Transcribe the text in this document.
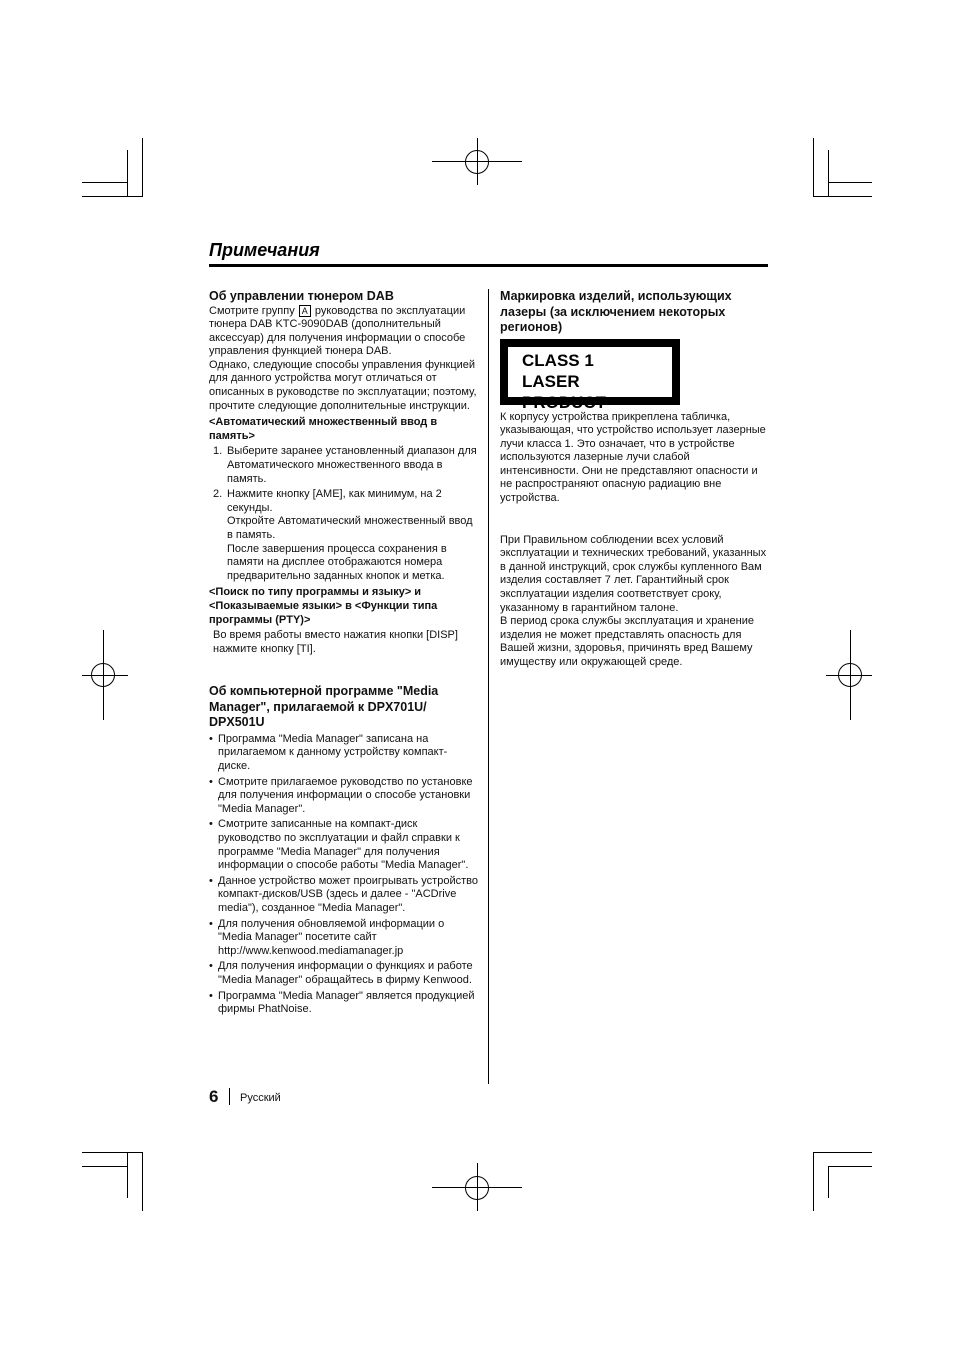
Примечания
Об управлении тюнером DAB

Смотрите группу A руководства по эксплуатации тюнера DAB KTC-9090DAB (дополнительный аксессуар) для получения информации о способе управления функцией тюнера DAB.

Однако, следующие способы управления функцией для данного устройства могут отличаться от описанных в руководстве по эксплуатации; поэтому, прочтите следующие дополнительные инструкции.

<Автоматический множественный ввод в память>
1. Выберите заранее установленный диапазон для Автоматического множественного ввода в память.
2. Нажмите кнопку [AME], как минимум, на 2 секунды.
Откройте Автоматический множественный ввод в память.
После завершения процесса сохранения в памяти на дисплее отображаются номера предварительно заданных кнопок и метка.
<Поиск по типу программы и языку> и <Показываемые языки> в <Функции типа программы (PTY)>

Во время работы вместо нажатия кнопки [DISP] нажмите кнопку [TI].

Об компьютерной программе "Media Manager", прилагаемой к DPX701U/ DPX501U
• Программа "Media Manager" записана на прилагаемом к данному устройству компакт-диске.
• Смотрите прилагаемое руководство по установке для получения информации о способе установки "Media Manager".
• Смотрите записанные на компакт-диск руководство по эксплуатации и файл справки к программе "Media Manager" для получения информации о способе работы "Media Manager".
• Данное устройство может проигрывать устройство компакт-дисков/USB (здесь и далее - "ACDrive media"), созданное "Media Manager".
• Для получения обновляемой информации о "Media Manager" посетите сайт http://www.kenwood.mediamanager.jp
• Для получения информации о функциях и работе "Media Manager" обращайтесь в фирму Kenwood.
• Программа "Media Manager" является продукцией фирмы PhatNoise.
Маркировка изделий, использующих лазеры (за исключением некоторых регионов)
CLASS 1
LASER PRODUCT

К корпусу устройства прикреплена табличка, указывающая, что устройство использует лазерные лучи класса 1. Это означает, что в устройстве используются лазерные лучи слабой интенсивности. Они не представляют опасности и не распространяют опасную радиацию вне устройства.

При Правильном соблюдении всех условий эксплуатации и технических требований, указанных в данной инструкций, срок службы купленного Вам изделия составляет 7 лет. Гарантийный срок эксплуатации изделия соответствует сроку, указанному в гарантийном талоне.

В период срока службы эксплуатация и хранение изделия не может представлять опасность для Вашей жизни, здоровья, причинять вред Вашему имуществу или окружающей среде.

6 Русский
